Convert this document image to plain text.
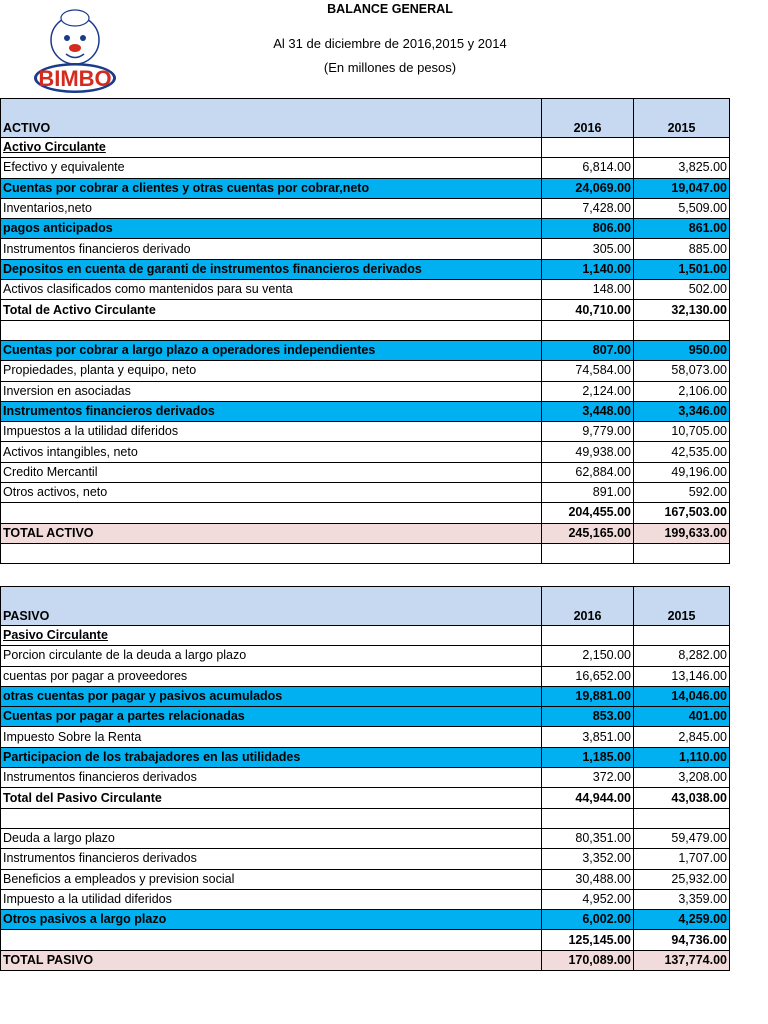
BIMBO
BALANCE GENERAL
Al 31 de diciembre de 2016,2015 y 2014
(En millones de pesos)
ACTIVO	2016	2015
Activo Circulante		
Efectivo y equivalente	6,814.00	3,825.00
Cuentas por cobrar a clientes y otras cuentas por cobrar,neto	24,069.00	19,047.00
Inventarios,neto	7,428.00	5,509.00
pagos anticipados	806.00	861.00
Instrumentos financieros derivado	305.00	885.00
Depositos en cuenta de garanti de instrumentos financieros derivados	1,140.00	1,501.00
Activos clasificados como mantenidos para su venta	148.00	502.00
Total de Activo Circulante	40,710.00	32,130.00

Cuentas por cobrar a largo plazo a operadores independientes	807.00	950.00
Propiedades, planta y equipo, neto	74,584.00	58,073.00
Inversion en asociadas	2,124.00	2,106.00
Instrumentos financieros derivados	3,448.00	3,346.00
Impuestos a la utilidad diferidos	9,779.00	10,705.00
Activos intangibles, neto	49,938.00	42,535.00
Credito Mercantil	62,884.00	49,196.00
Otros activos, neto	891.00	592.00
	204,455.00	167,503.00
TOTAL ACTIVO	245,165.00	199,633.00

PASIVO	2016	2015
Pasivo Circulante		
Porcion circulante de la deuda a largo plazo	2,150.00	8,282.00
cuentas por pagar a proveedores	16,652.00	13,146.00
otras cuentas por pagar y pasivos acumulados	19,881.00	14,046.00
Cuentas por pagar a partes relacionadas	853.00	401.00
Impuesto Sobre la Renta	3,851.00	2,845.00
Participacion de los trabajadores en las utilidades	1,185.00	1,110.00
Instrumentos financieros derivados	372.00	3,208.00
Total del Pasivo Circulante	44,944.00	43,038.00

Deuda a largo plazo	80,351.00	59,479.00
Instrumentos financieros derivados	3,352.00	1,707.00
Beneficios a empleados y prevision social	30,488.00	25,932.00
Impuesto a la utilidad diferidos	4,952.00	3,359.00
Otros pasivos a largo plazo	6,002.00	4,259.00
	125,145.00	94,736.00
TOTAL PASIVO	170,089.00	137,774.00
